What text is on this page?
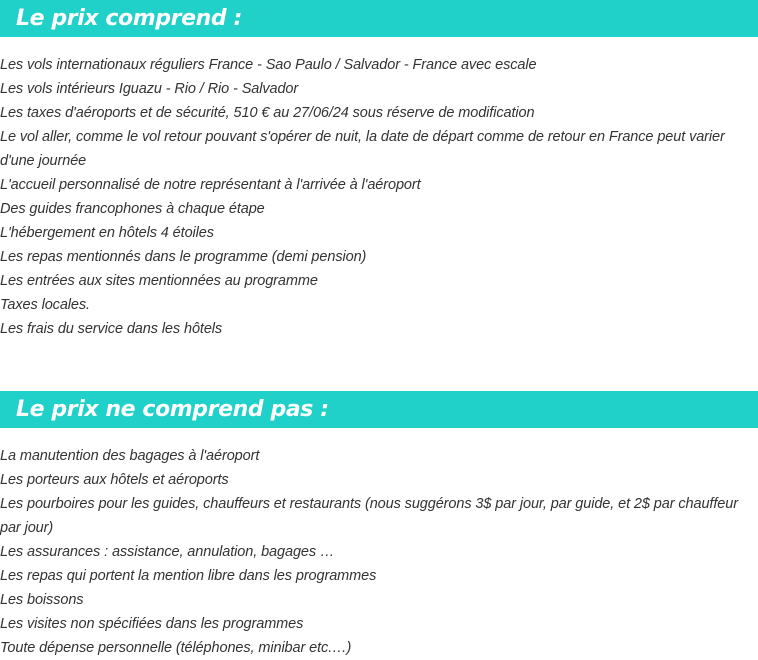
Le prix comprend :
Les vols internationaux réguliers France - Sao Paulo / Salvador - France avec escale
Les vols intérieurs Iguazu - Rio / Rio - Salvador
Les taxes d'aéroports et de sécurité, 510 € au 27/06/24 sous réserve de modification
Le vol aller, comme le vol retour pouvant s'opérer de nuit, la date de départ comme de retour en France peut varier d'une journée
L'accueil personnalisé de notre représentant à l'arrivée à l'aéroport
Des guides francophones à chaque étape
L'hébergement en hôtels 4 étoiles
Les repas mentionnés dans le programme (demi pension)
Les entrées aux sites mentionnées au programme
Taxes locales.
Les frais du service dans les hôtels
Le prix ne comprend pas :
La manutention des bagages à l'aéroport
Les porteurs aux hôtels et aéroports
Les pourboires pour les guides, chauffeurs et restaurants (nous suggérons 3$ par jour, par guide, et 2$ par chauffeur par jour)
Les assurances : assistance, annulation, bagages …
Les repas qui portent la mention libre dans les programmes
Les boissons
Les visites non spécifiées dans les programmes
Toute dépense personnelle (téléphones, minibar etc.…)
